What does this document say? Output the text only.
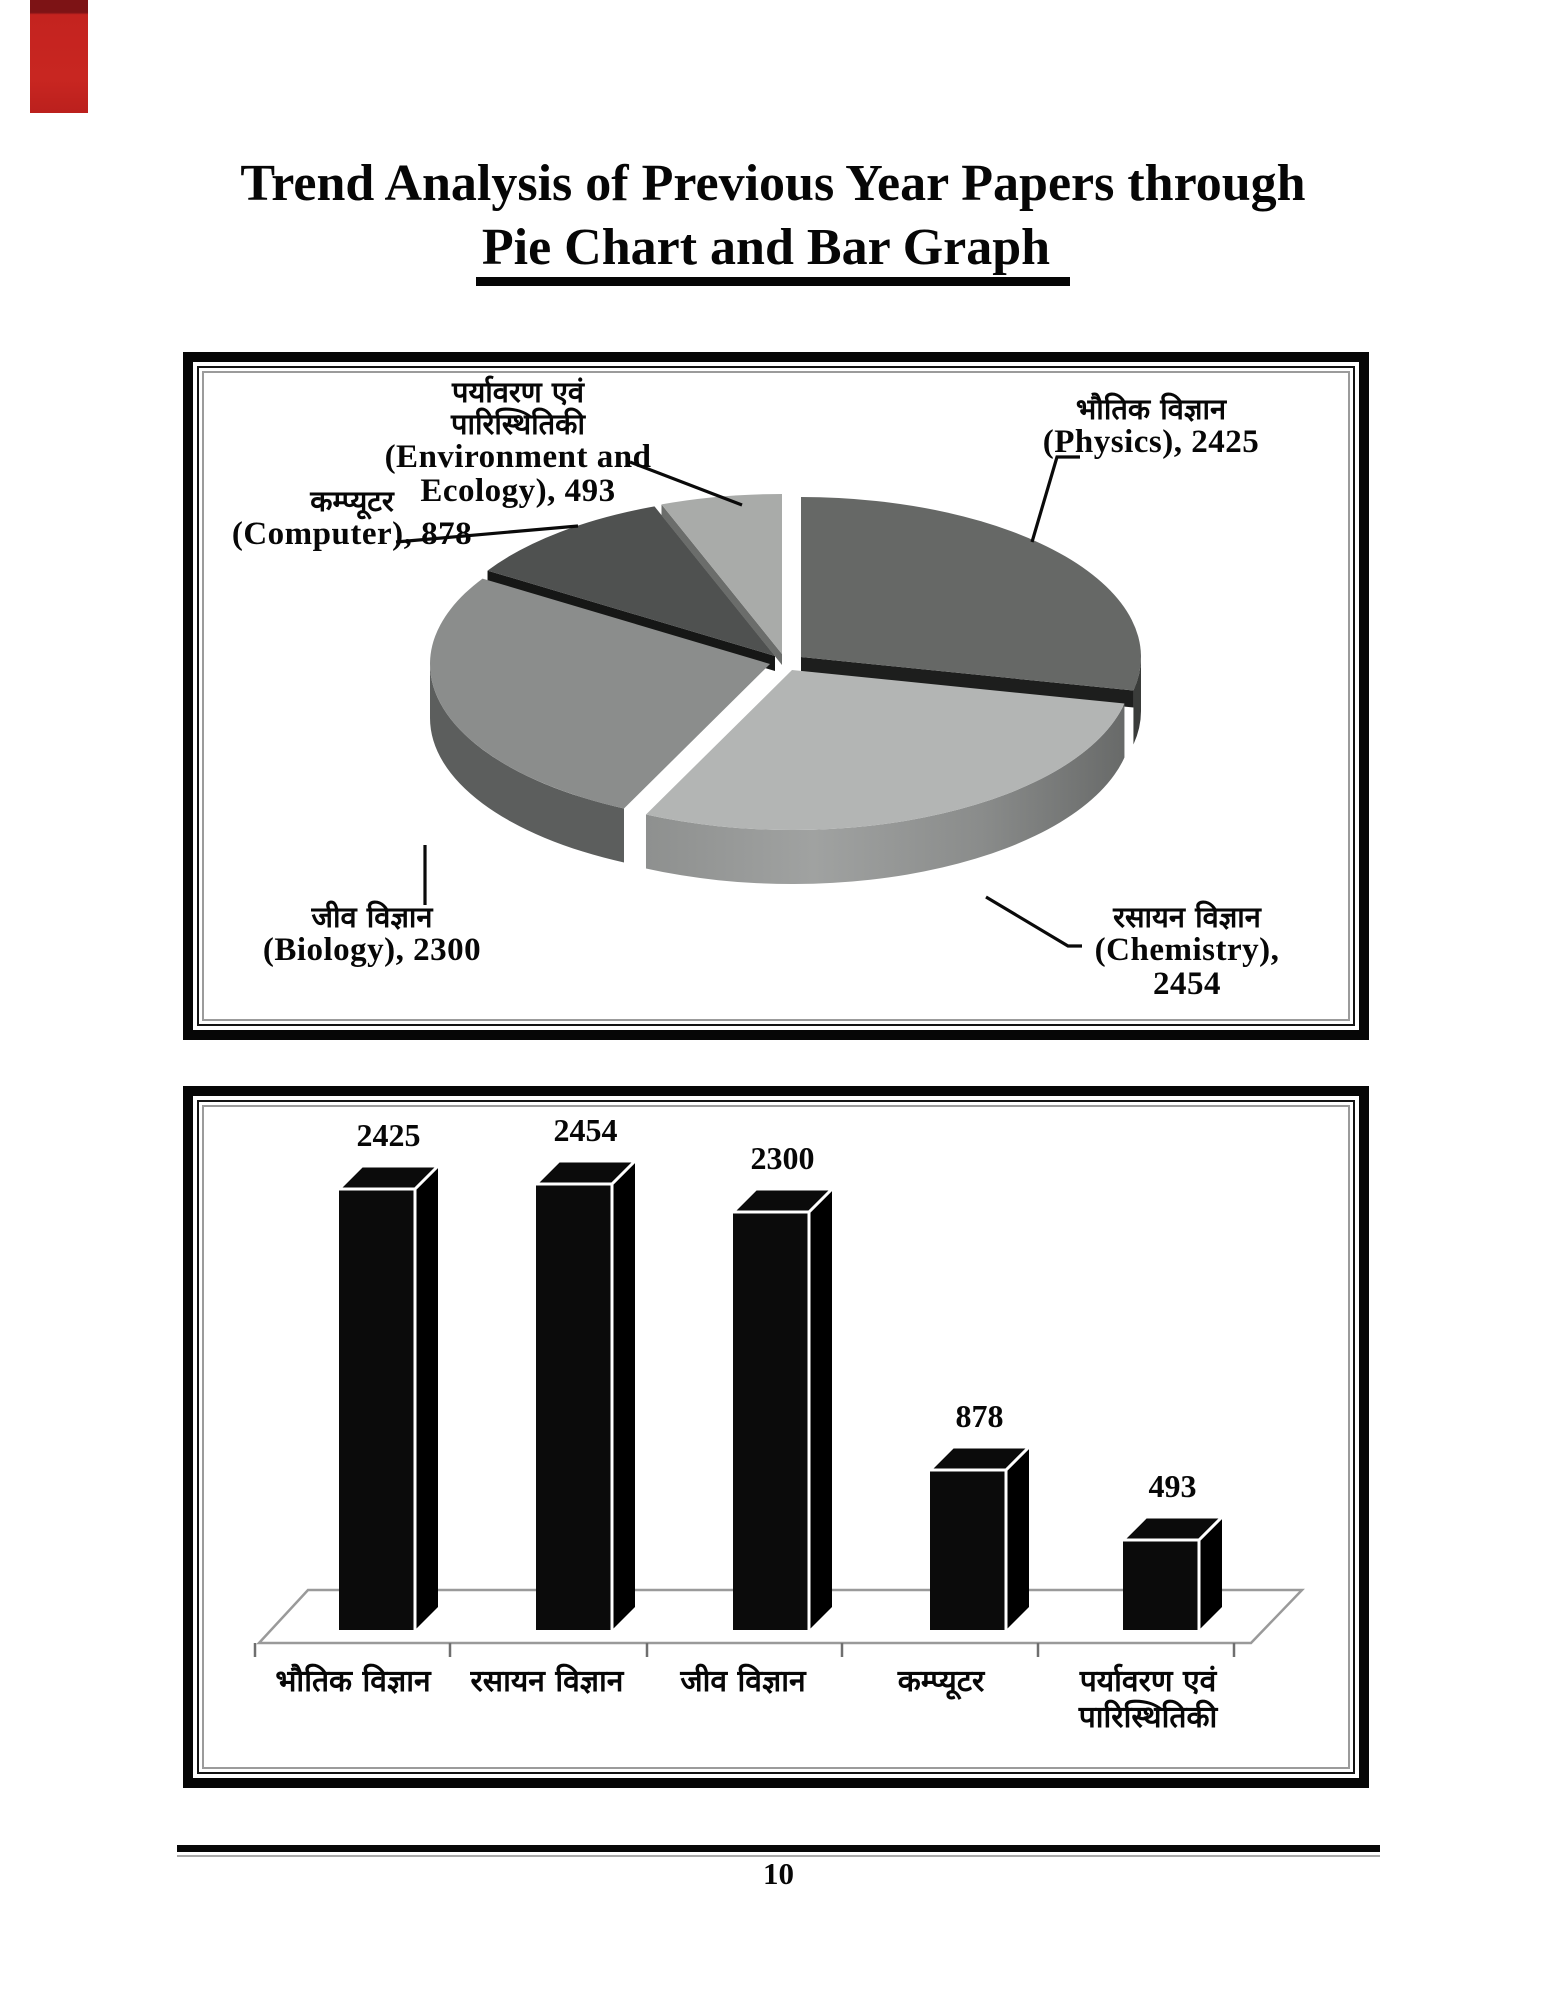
Trend Analysis of Previous Year Papers through
Pie Chart and Bar Graph
पर्यावरण एवं
पारिस्थितिकी
(Environment and
Ecology), 493
भौतिक विज्ञान
(Physics), 2425
कम्प्यूटर
(Computer), 878
जीव विज्ञान
(Biology), 2300
रसायन विज्ञान
(Chemistry), 2454
2425	2454
2300
878
493
भौतिक विज्ञान	रसायन विज्ञान	जीव विज्ञान	कम्प्यूटर	पर्यावरण एवं
पारिस्थितिकी
10
